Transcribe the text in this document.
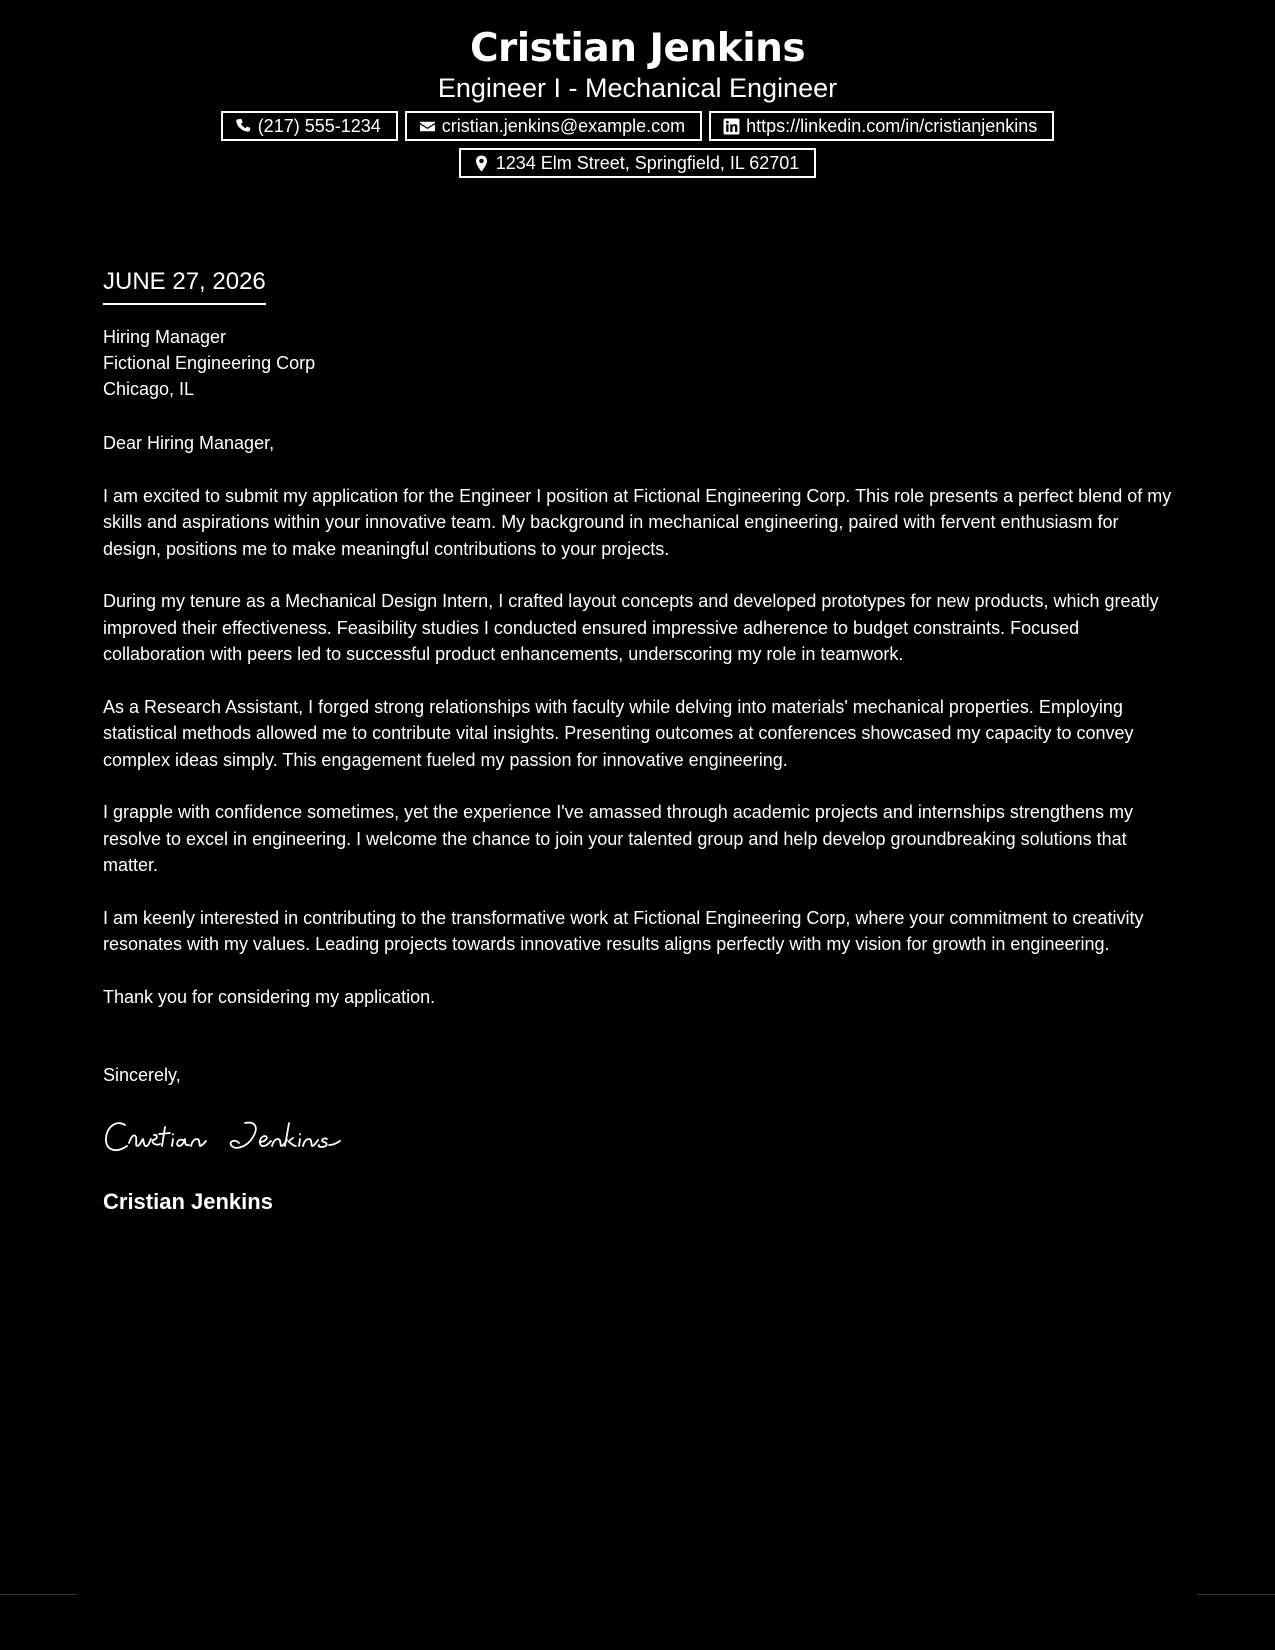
Cristian Jenkins
Engineer I - Mechanical Engineer
(217) 555-1234	cristian.jenkins@example.com	https://linkedin.com/in/cristianjenkins
1234 Elm Street, Springfield, IL 62701
JUNE 27, 2026
Hiring Manager
Fictional Engineering Corp
Chicago, IL
Dear Hiring Manager,

I am excited to submit my application for the Engineer I position at Fictional Engineering Corp. This role presents a perfect blend of my skills and aspirations within your innovative team. My background in mechanical engineering, paired with fervent enthusiasm for design, positions me to make meaningful contributions to your projects.

During my tenure as a Mechanical Design Intern, I crafted layout concepts and developed prototypes for new products, which greatly improved their effectiveness. Feasibility studies I conducted ensured impressive adherence to budget constraints. Focused collaboration with peers led to successful product enhancements, underscoring my role in teamwork.

As a Research Assistant, I forged strong relationships with faculty while delving into materials' mechanical properties. Employing statistical methods allowed me to contribute vital insights. Presenting outcomes at conferences showcased my capacity to convey complex ideas simply. This engagement fueled my passion for innovative engineering.

I grapple with confidence sometimes, yet the experience I've amassed through academic projects and internships strengthens my resolve to excel in engineering. I welcome the chance to join your talented group and help develop groundbreaking solutions that matter.

I am keenly interested in contributing to the transformative work at Fictional Engineering Corp, where your commitment to creativity resonates with my values. Leading projects towards innovative results aligns perfectly with my vision for growth in engineering.

Thank you for considering my application.

Sincerely,
Cristian Jenkins
